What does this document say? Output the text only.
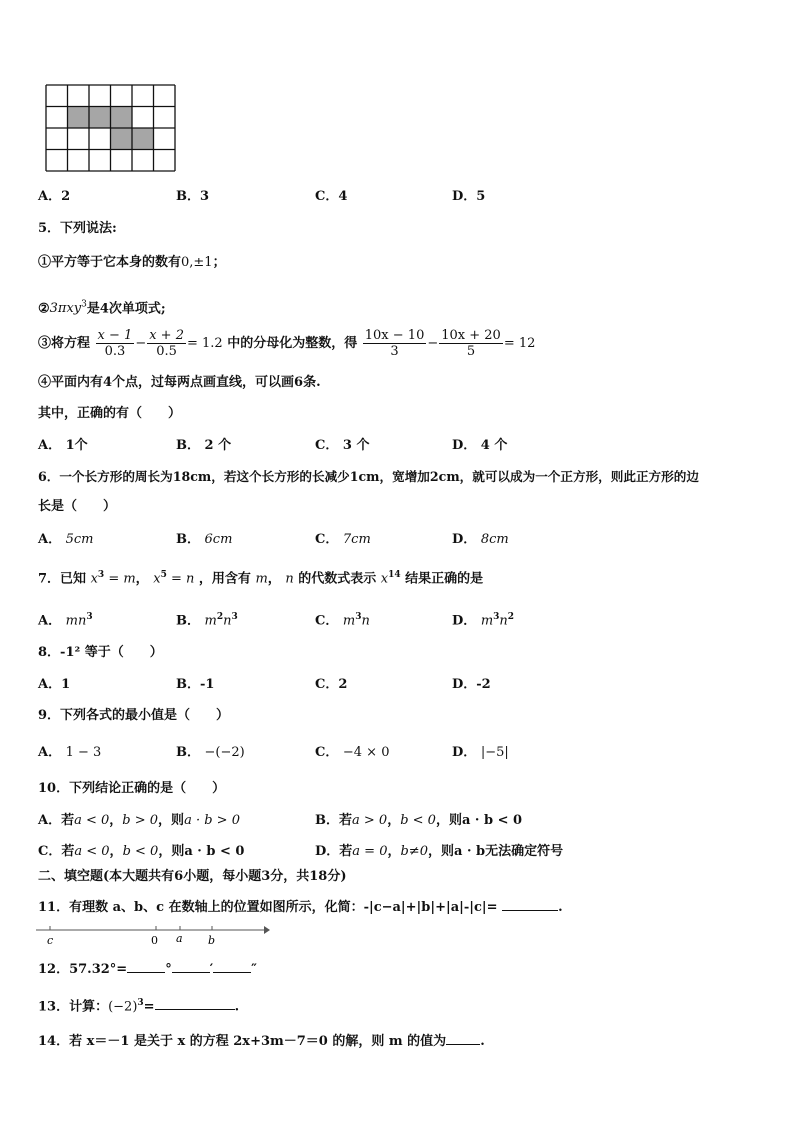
A．2	B．3	C．4	D．5
5．下列说法:
①平方等于它本身的数有0,±1；
②3πxy$^3$是4次单项式;
③将方程 $\frac{x - 1}{0.3} - \frac{x + 2}{0.5} = 1.2$ 中的分母化为整数，得 $\frac{10x - 10}{3} - \frac{10x + 20}{5} = 12$
④平面内有4个点，过每两点画直线，可以画6条.
其中，正确的有（　　）
A． 1个	B． 2 个	C． 3 个	D． 4 个
6．一个长方形的周长为18cm，若这个长方形的长减少1cm，宽增加2cm，就可以成为一个正方形，则此正方形的边
长是（　　）
A． 5cm	B． 6cm	C． 7cm	D． 8cm
7．已知 $x^3 = m$， $x^5 = n$ ，用含有 m， n 的代数式表示 $x^{14}$ 结果正确的是
A． $mn^3$	B． $m^2n^3$	C． $m^3n$	D． $m^3n^2$
8．-1² 等于（　　）
A．1	B．-1	C．2	D．-2
9．下列各式的最小值是（　　）
A． 1 − 3	B． −(−2)	C． −4 × 0	D． |−5|
10．下列结论正确的是（　　）
A．若a < 0，b > 0，则a · b > 0	B．若a > 0，b < 0，则a · b < 0
C．若a < 0，b < 0，则a · b < 0	D．若a = 0，b≠0，则a · b无法确定符号
二、填空题(本大题共有6小题，每小题3分，共18分)
11．有理数 a、b、c 在数轴上的位置如图所示，化简：-|c−a|+|b|+|a|-|c|=	.
c	0 a b
12．57.32°=	°	′	″
13．计算：$(-2)^3=$	.
14．若 x＝－1 是关于 x 的方程 2x+3m－7＝0 的解，则 m 的值为	.
